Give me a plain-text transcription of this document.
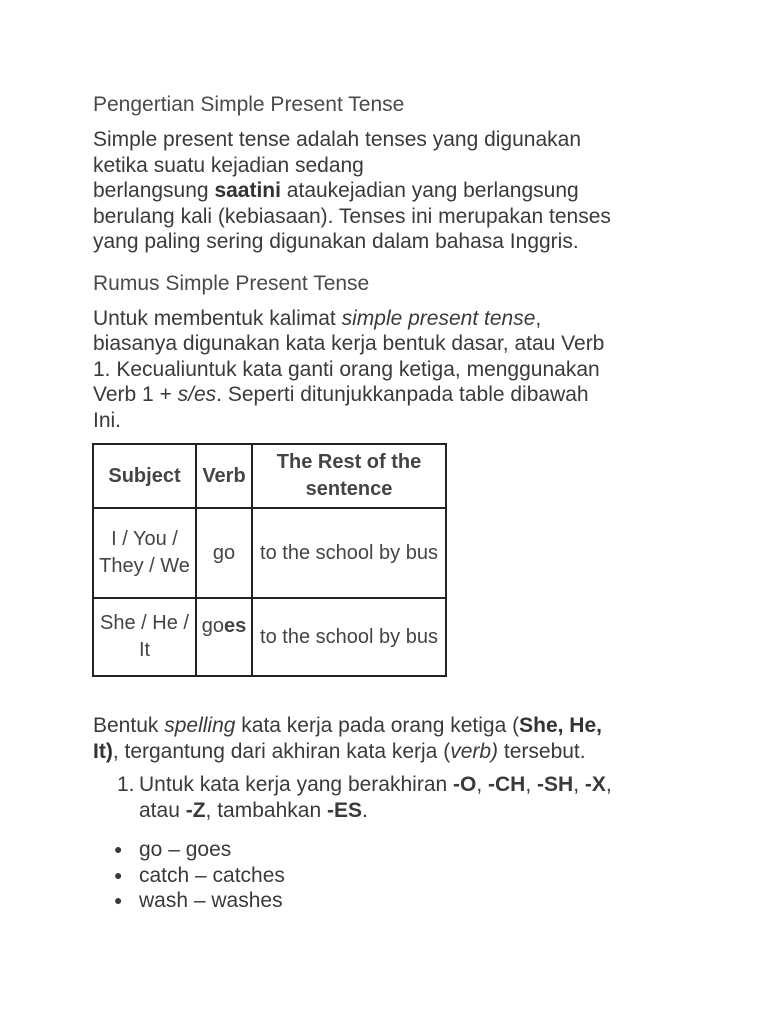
Pengertian Simple Present Tense
Simple present tense adalah tenses yang digunakan
ketika suatu kejadian sedang
berlangsung saatini ataukejadian yang berlangsung
berulang kali (kebiasaan). Tenses ini merupakan tenses
yang paling sering digunakan dalam bahasa Inggris.
Rumus Simple Present Tense
Untuk membentuk kalimat simple present tense,
biasanya digunakan kata kerja bentuk dasar, atau Verb
1. Kecualiuntuk kata ganti orang ketiga, menggunakan
Verb 1 + s/es. Seperti ditunjukkanpada table dibawah
Ini.
Subject	Verb	The Rest of the sentence
I / You / They / We	go	to the school by bus
She / He / It	goes	to the school by bus
Bentuk spelling kata kerja pada orang ketiga (She, He,
It), tergantung dari akhiran kata kerja (verb) tersebut.
1. Untuk kata kerja yang berakhiran -O, -CH, -SH, -X,
atau -Z, tambahkan -ES.
● go – goes
● catch – catches
● wash – washes
